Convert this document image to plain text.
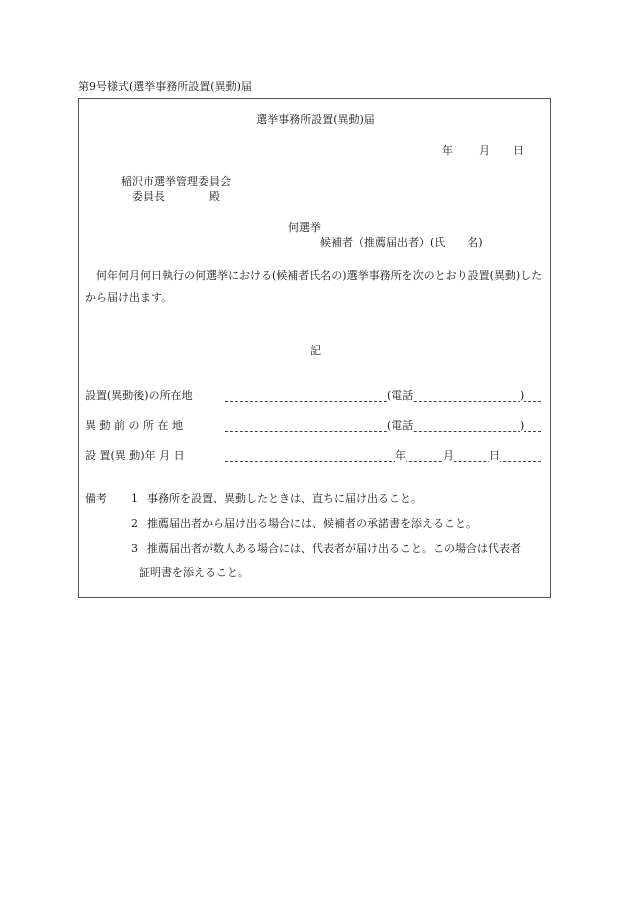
第9号様式(選挙事務所設置(異動)届
選挙事務所設置(異動)届
年 月 日
稲沢市選挙管理委員会
委員長　　　　殿
何選挙
候補者（推薦届出者）(氏　　名)
何年何月何日執行の何選挙における(候補者氏名の)選挙事務所を次のとおり設置(異動)したから届け出ます。
記
設置(異動後)の所在地	(電話	)
異 動 前 の 所 在 地	(電話	)
設 置(異 動)年 月 日	年	月	日
備考 1 事務所を設置、異動したときは、直ちに届け出ること。
2 推薦届出者から届け出る場合には、候補者の承諾書を添えること。
3 推薦届出者が数人ある場合には、代表者が届け出ること。この場合は代表者
証明書を添えること。
